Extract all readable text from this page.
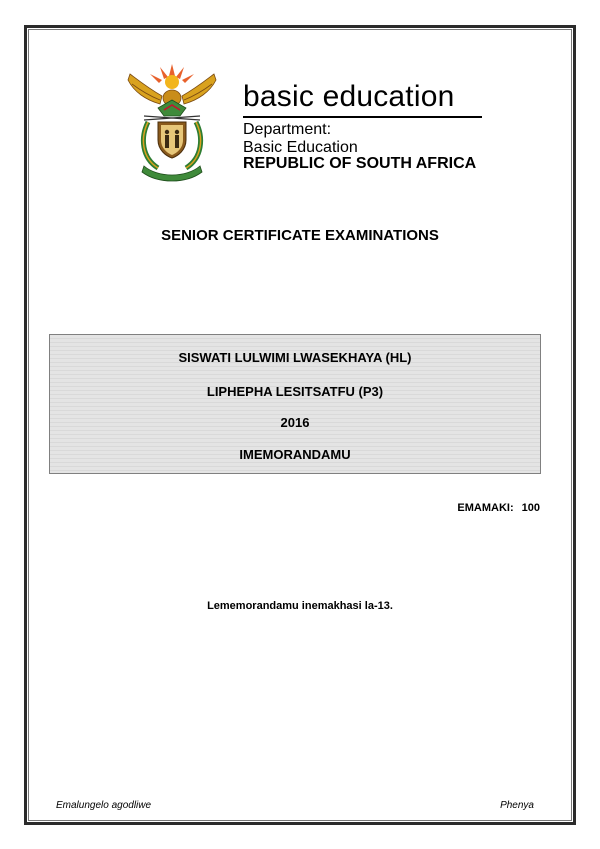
basic education
Department:
Basic Education
REPUBLIC OF SOUTH AFRICA
SENIOR CERTIFICATE EXAMINATIONS
SISWATI LULWIMI LWASEKHAYA (HL)
LIPHEPHA LESITSATFU (P3)
2016
IMEMORANDAMU
EMAMAKI: 100
Lememorandamu inemakhasi la-13.
Emalungelo agodliwe	Phenya
